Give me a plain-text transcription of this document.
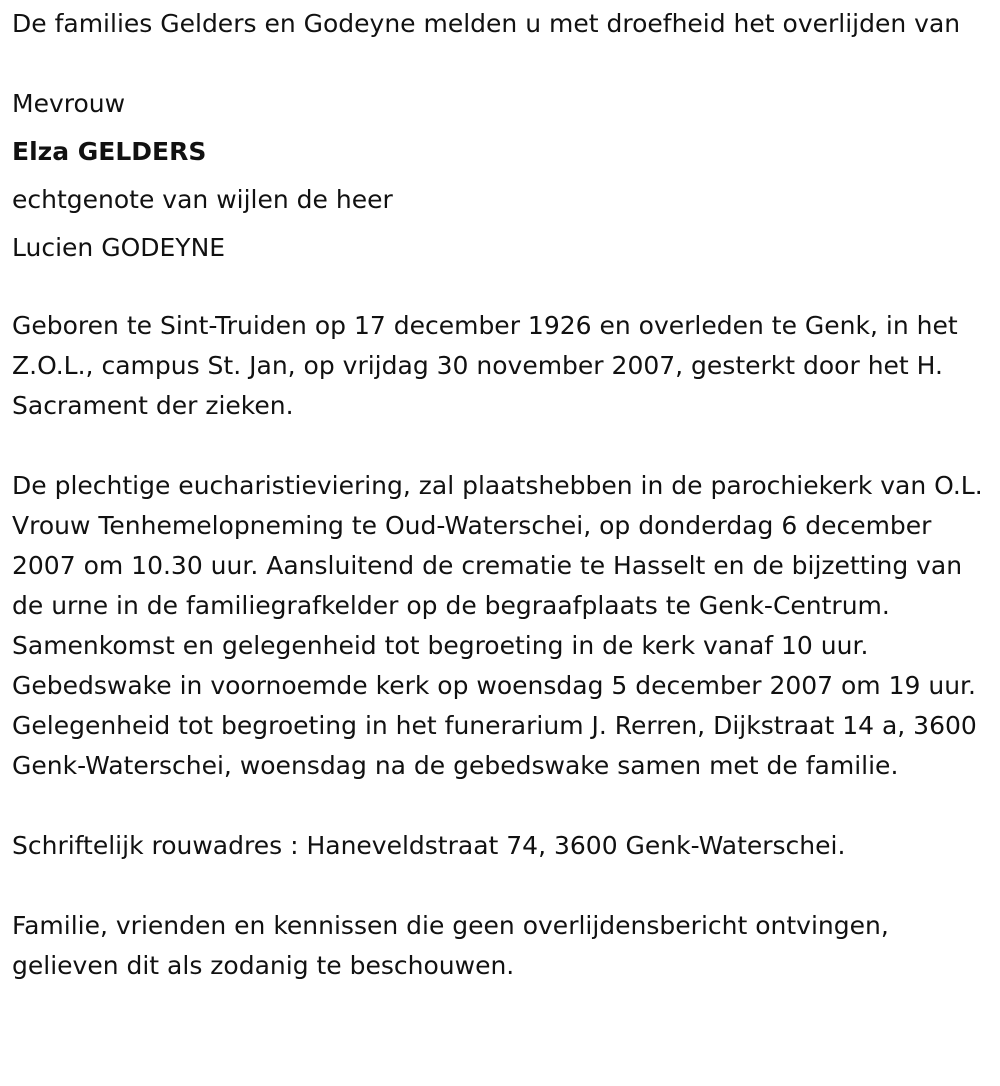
De families Gelders en Godeyne melden u met droefheid het overlijden van

Mevrouw

Elza GELDERS

echtgenote van wijlen de heer

Lucien GODEYNE

Geboren te Sint-Truiden op 17 december 1926 en overleden te Genk, in het Z.O.L., campus St. Jan, op vrijdag 30 november 2007, gesterkt door het H. Sacrament der zieken.

De plechtige eucharistieviering, zal plaatshebben in de parochiekerk van O.L. Vrouw Tenhemelopneming te Oud-Waterschei, op donderdag 6 december 2007 om 10.30 uur. Aansluitend de crematie te Hasselt en de bijzetting van de urne in de familiegrafkelder op de begraafplaats te Genk-Centrum. Samenkomst en gelegenheid tot begroeting in de kerk vanaf 10 uur. Gebedswake in voornoemde kerk op woensdag 5 december 2007 om 19 uur. Gelegenheid tot begroeting in het funerarium J. Rerren, Dijkstraat 14 a, 3600 Genk-Waterschei, woensdag na de gebedswake samen met de familie.

Schriftelijk rouwadres : Haneveldstraat 74, 3600 Genk-Waterschei.

Familie, vrienden en kennissen die geen overlijdensbericht ontvingen, gelieven dit als zodanig te beschouwen.
